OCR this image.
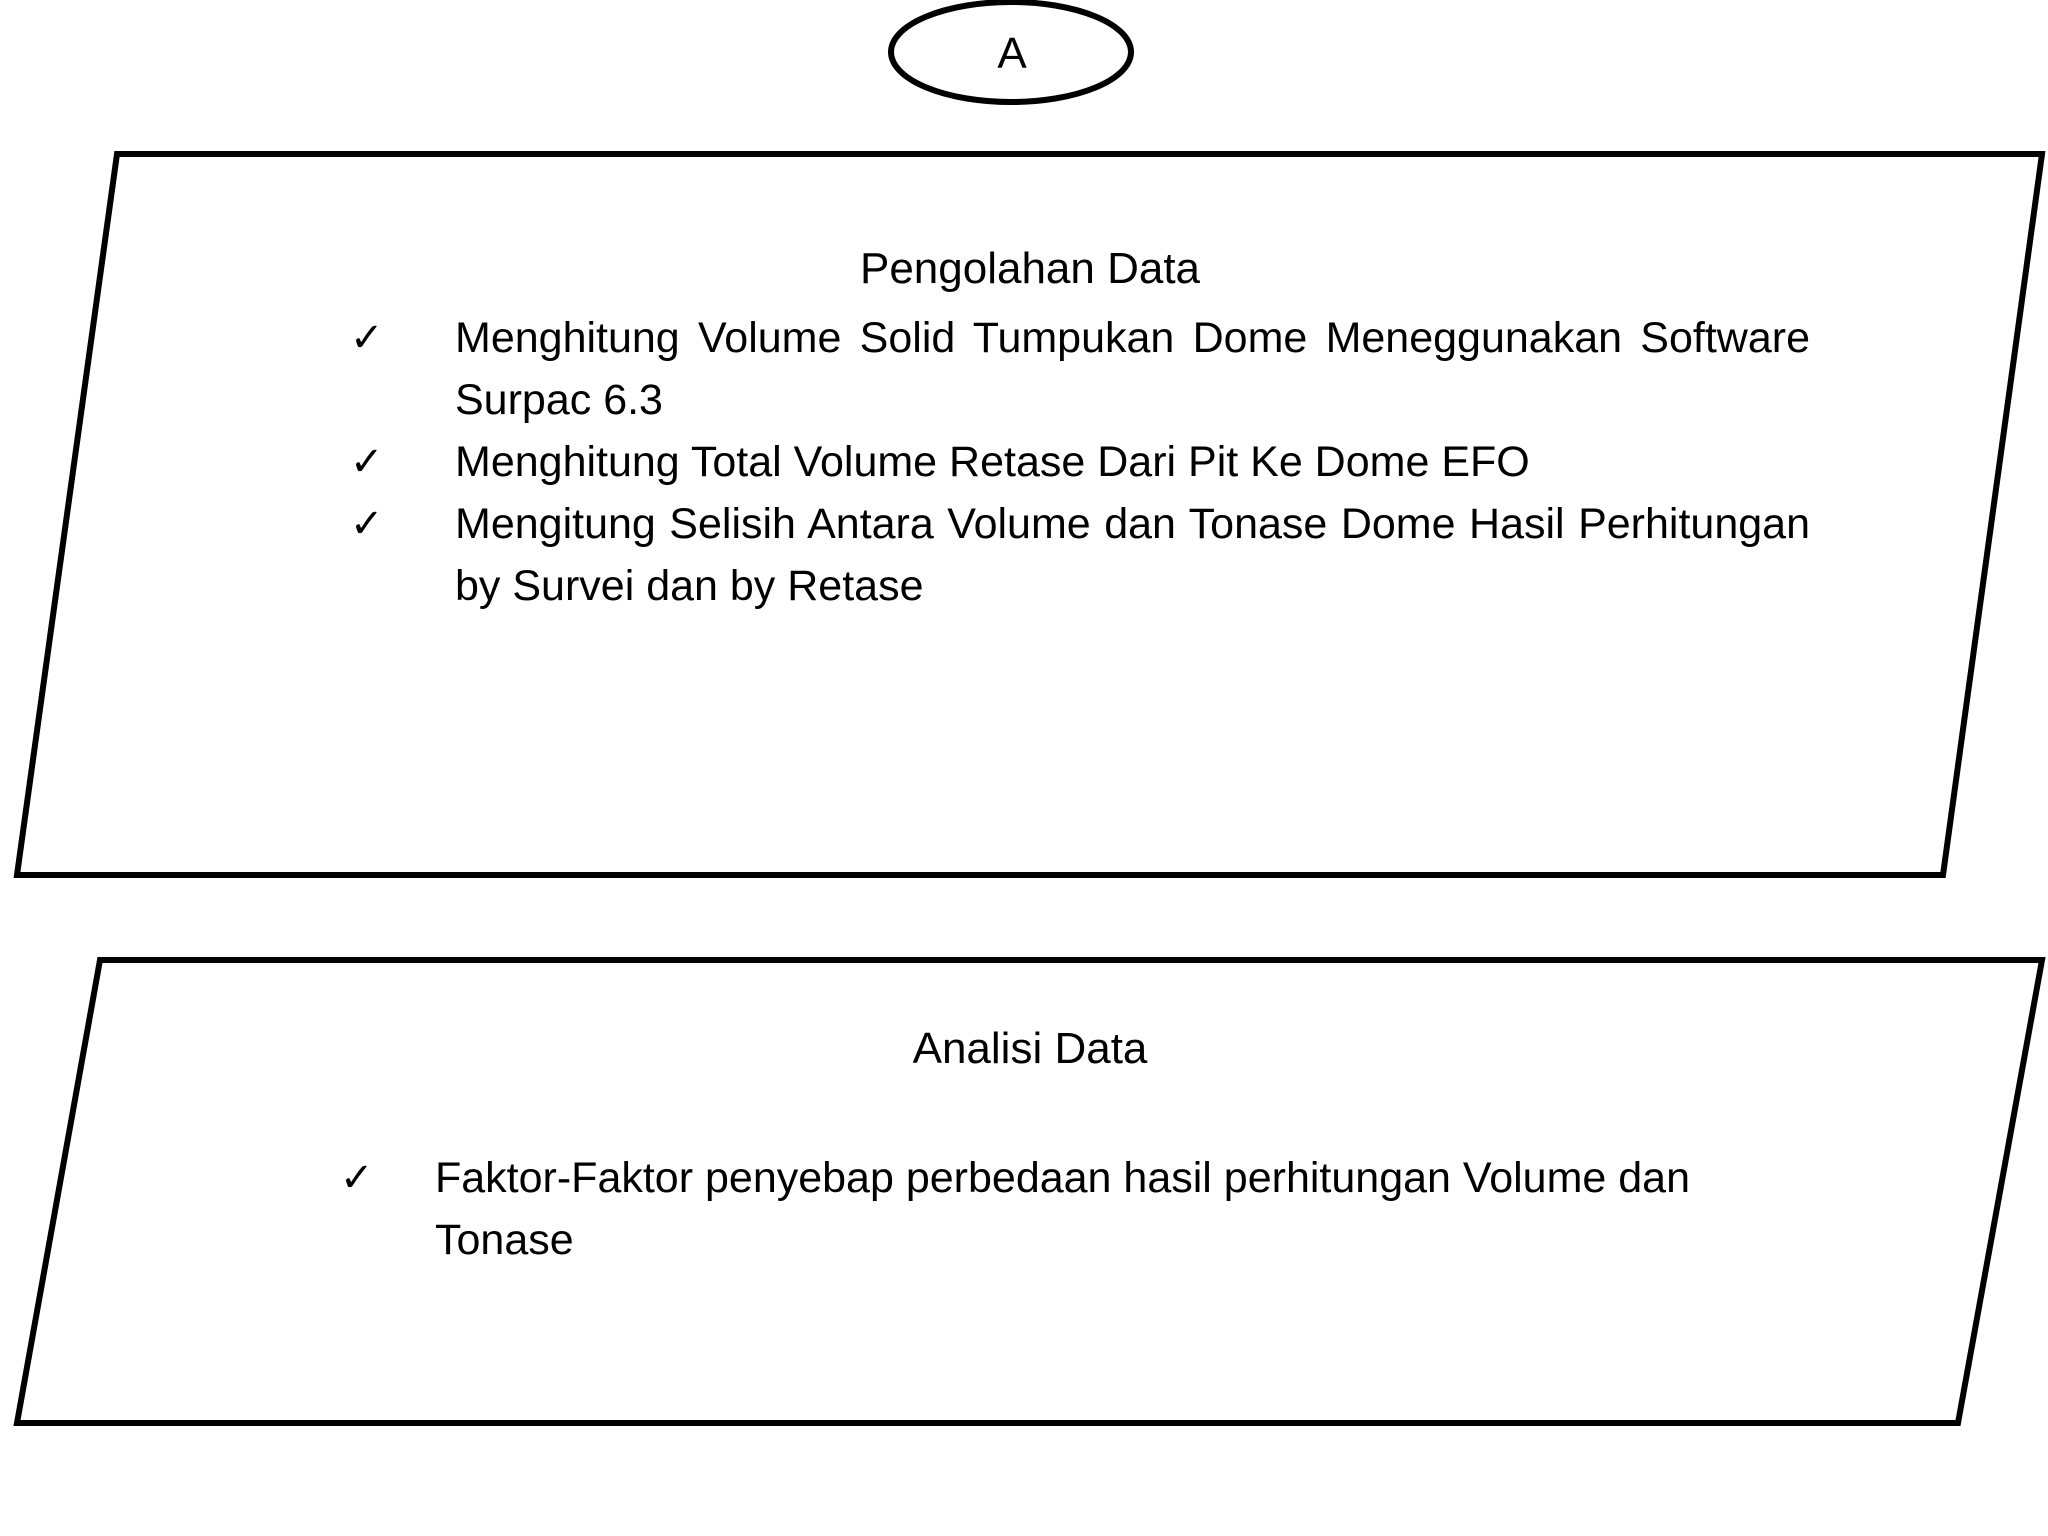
A
Pengolahan Data
✓	Menghitung Volume Solid Tumpukan Dome Meneggunakan Software Surpac 6.3
✓	Menghitung Total Volume Retase Dari Pit Ke Dome EFO
✓	Mengitung Selisih Antara Volume dan Tonase Dome Hasil Perhitungan by Survei dan by Retase
Analisi Data
✓	Faktor-Faktor penyebap perbedaan hasil perhitungan Volume dan Tonase
